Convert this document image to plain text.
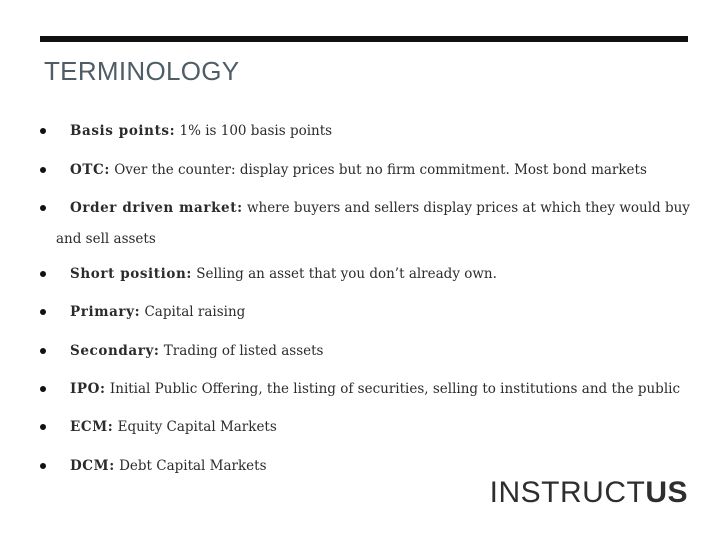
TERMINOLOGY
Basis points: 1% is 100 basis points
OTC: Over the counter: display prices but no firm commitment. Most bond markets
Order driven market: where buyers and sellers display prices at which they would buy
and sell assets
Short position: Selling an asset that you don’t already own.
Primary: Capital raising
Secondary: Trading of listed assets
IPO: Initial Public Offering, the listing of securities, selling to institutions and the public
ECM: Equity Capital Markets
DCM: Debt Capital Markets
INSTRUCTUS
